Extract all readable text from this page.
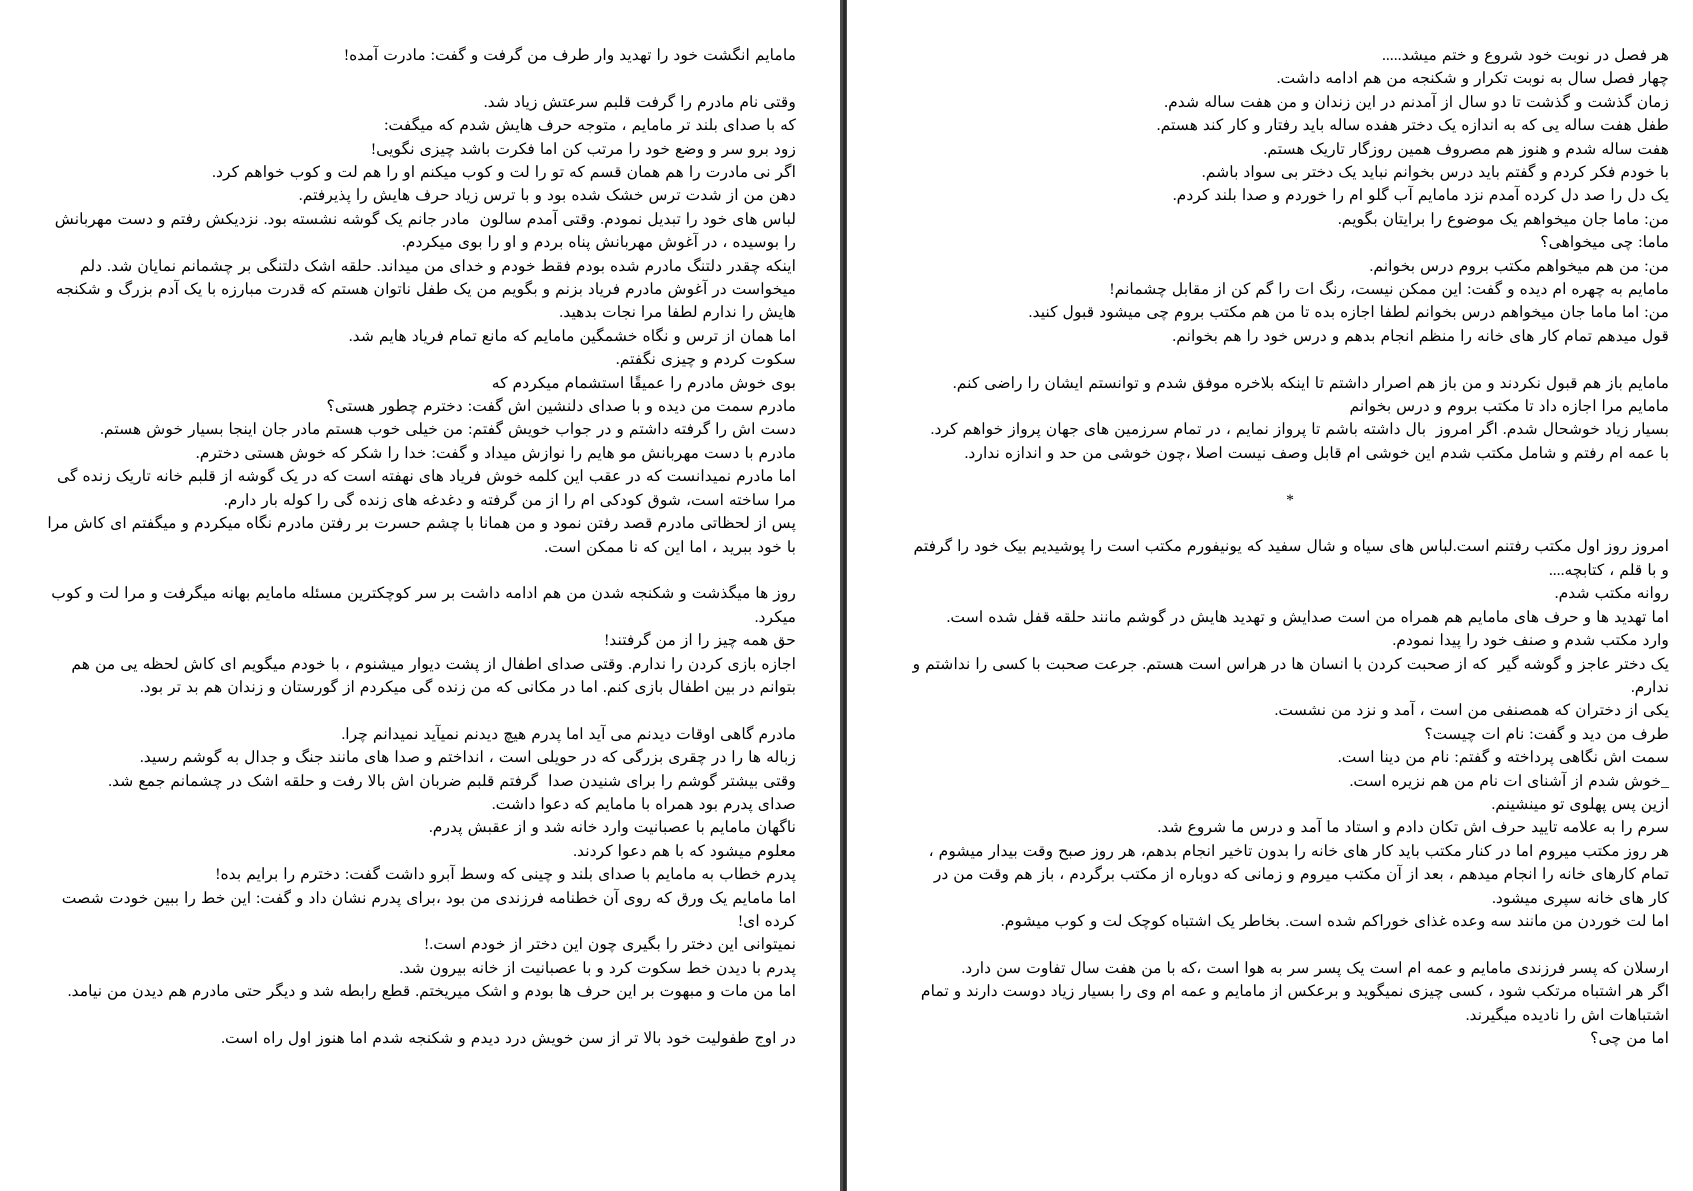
مامایم انگشت خود را تهدید وار طرف من گرفت و گفت: مادرت آمده!

وقتی نام مادرم را گرفت قلبم سرعتش زیاد شد.

که با صدای بلند تر مامایم ، متوجه حرف هایش شدم که میگفت:

زود برو سر و وضع خود را مرتب کن اما فکرت باشد چیزی نگویی!

اگر نی مادرت را هم همان قسم که تو را لت و کوب میکنم او را هم لت و کوب خواهم کرد.

دهن من از شدت ترس خشک شده بود و با ترس زیاد حرف هایش را پذیرفتم.

لباس های خود را تبدیل نمودم. وقتی آمدم سالون  مادر جانم یک گوشه نشسته بود. نزدیکش رفتم و دست مهربانش را بوسیده ، در آغوش مهربانش پناه بردم و او را بوی میکردم.

اینکه چقدر دلتنگ مادرم شده بودم فقط خودم و خدای من میداند. حلقه اشک دلتنگی بر چشمانم نمایان شد. دلم میخواست در آغوش مادرم فریاد بزنم و بگویم من یک طفل ناتوان هستم که قدرت مبارزه با یک آدم بزرگ و شکنجه هایش را ندارم لطفا مرا نجات بدهید.

اما همان از ترس و نگاه خشمگین مامایم که مانع تمام فریاد هایم شد.

سکوت کردم و چیزی نگفتم.

بوی خوش مادرم را عمیقًا استشمام میکردم که

مادرم سمت من دیده و با صدای دلنشین اش گفت: دخترم چطور هستی؟

دست اش را گرفته داشتم و در جواب خویش گفتم: من خیلی خوب هستم مادر جان اینجا بسیار خوش هستم.

مادرم با دست مهربانش مو هایم را نوازش میداد و گفت: خدا را شکر که خوش هستی دخترم.

اما مادرم نمیدانست که در عقب این کلمه خوش فریاد های نهفته است که در یک گوشه از قلبم خانه تاریک زنده گی مرا ساخته است، شوق کودکی ام را از من گرفته و دغدغه های زنده گی را کوله بار دارم.

پس از لحظاتی مادرم قصد رفتن نمود و من همانا با چشم حسرت بر رفتن مادرم نگاه میکردم و میگفتم ای کاش مرا با خود ببرید ، اما این که نا ممکن است.

روز ها میگذشت و شکنجه شدن من هم ادامه داشت بر سر کوچکترین مسئله مامایم بهانه میگرفت و مرا لت و کوب میکرد.

حق همه چیز را از من گرفتند!

اجازه بازی کردن را ندارم. وقتی صدای اطفال از پشت دیوار میشنوم ، با خودم میگویم ای کاش لحظه یی من هم بتوانم در بین اطفال بازی کنم. اما در مکانی که من زنده گی میکردم از گورستان و زندان هم بد تر بود.

مادرم گاهی اوقات دیدنم می آید اما پدرم هیچ دیدنم نمیآید نمیدانم چرا.

زباله ها را در چقری بزرگی که در حویلی است ، انداختم و صدا های مانند جنگ و جدال به گوشم رسید.

وقتی بیشتر گوشم را برای شنیدن صدا  گرفتم قلبم ضربان اش بالا رفت و حلقه اشک در چشمانم جمع شد.

صدای پدرم بود همراه با مامایم که دعوا داشت.

ناگهان مامایم با عصبانیت وارد خانه شد و از عقبش پدرم.

معلوم میشود که با هم دعوا کردند.

پدرم خطاب به مامایم با صدای بلند و چینی که وسط آبرو داشت گفت: دخترم را برایم بده!

اما مامایم یک ورق که روی آن خطنامه فرزندی من بود ،برای پدرم نشان داد و گفت: این خط را ببین خودت شصت کرده ای!

نمیتوانی این دختر را بگیری چون این دختر از خودم است.!

پدرم با دیدن خط سکوت کرد و با عصبانیت از خانه بیرون شد.

اما من مات و مبهوت بر این حرف ها بودم و اشک میریختم. قطع رابطه شد و دیگر حتی مادرم هم دیدن من نیامد.

در اوج طفولیت خود بالا تر از سن خویش درد دیدم و شکنجه شدم اما هنوز اول راه است.

هر فصل در نوبت خود شروع و ختم میشد.....

چهار فصل سال به نوبت تکرار و شکنجه من هم ادامه داشت.

زمان گذشت و گذشت تا دو سال از آمدنم در این زندان و من هفت ساله شدم.

طفل هفت ساله یی که به اندازه یک دختر هفده ساله باید رفتار و کار کند هستم.

هفت ساله شدم و هنوز هم مصروف همین روزگار تاریک هستم.

با خودم فکر کردم و گفتم باید درس بخوانم نباید یک دختر بی سواد باشم.

یک دل را صد دل کرده آمدم نزد مامایم آب گلو ام را خوردم و صدا بلند کردم.

من: ماما جان میخواهم یک موضوع را برایتان بگویم.

ماما: چی میخواهی؟

من: من هم میخواهم مکتب بروم درس بخوانم.

مامایم به چهره ام دیده و گفت: این ممکن نیست، رنگ ات را گم کن از مقابل چشمانم!

من: اما ماما جان میخواهم درس بخوانم لطفا اجازه بده تا من هم مکتب بروم چی میشود قبول کنید.

قول میدهم تمام کار های خانه را منظم انجام بدهم و درس خود را هم بخوانم.

مامایم باز هم قبول نکردند و من باز هم اصرار داشتم تا اینکه بلاخره موفق شدم و توانستم ایشان را راضی کنم.

مامایم مرا اجازه داد تا مکتب بروم و درس بخوانم

بسیار زیاد خوشحال شدم. اگر امروز  بال داشته باشم تا پرواز نمایم ، در تمام سرزمین های جهان پرواز خواهم کرد.

با عمه ام رفتم و شامل مکتب شدم این خوشی ام قابل وصف نیست اصلا ،چون خوشی من حد و اندازه ندارد.

*

امروز روز اول مکتب رفتنم است.لباس های سیاه و شال سفید که یونیفورم مکتب است را پوشیدیم بیک خود را گرفتم و با قلم ، کتابچه....

روانه مکتب شدم.

اما تهدید ها و حرف های مامایم هم همراه من است صدایش و تهدید هایش در گوشم مانند حلقه قفل شده است.

وارد مکتب شدم و صنف خود را پیدا نمودم.

یک دختر عاجز و گوشه گیر  که از صحبت کردن با انسان ها در هراس است هستم. جرعت صحبت با کسی را نداشتم و ندارم.

یکی از دختران که همصنفی من است ، آمد و نزد من نشست.

طرف من دید و گفت: نام ات چیست؟

سمت اش نگاهی پرداخته و گفتم: نام من دینا است.

_خوش شدم از آشنای ات نام من هم نزیره است.

ازین پس پهلوی تو مینشینم.

سرم را به علامه تایید حرف اش تکان دادم و استاد ما آمد و درس ما شروع شد.

هر روز مکتب میروم اما در کنار مکتب باید کار های خانه را بدون تاخیر انجام بدهم، هر روز صبح وقت بیدار میشوم ، تمام کارهای خانه را انجام میدهم ، بعد از آن مکتب میروم و زمانی که دوباره از مکتب برگردم ، باز هم وقت من در کار های خانه سپری میشود.

اما لت خوردن من مانند سه وعده غذای خوراکم شده است. بخاطر یک اشتباه کوچک لت و کوب میشوم.

ارسلان که پسر فرزندی مامایم و عمه ام است یک پسر سر به هوا است ،که با من هفت سال تفاوت سن دارد.

اگر هر اشتباه مرتکب شود ، کسی چیزی نمیگوید و برعکس از مامایم و عمه ام وی را بسیار زیاد دوست دارند و تمام اشتباهات اش را نادیده میگیرند.

اما من چی؟
